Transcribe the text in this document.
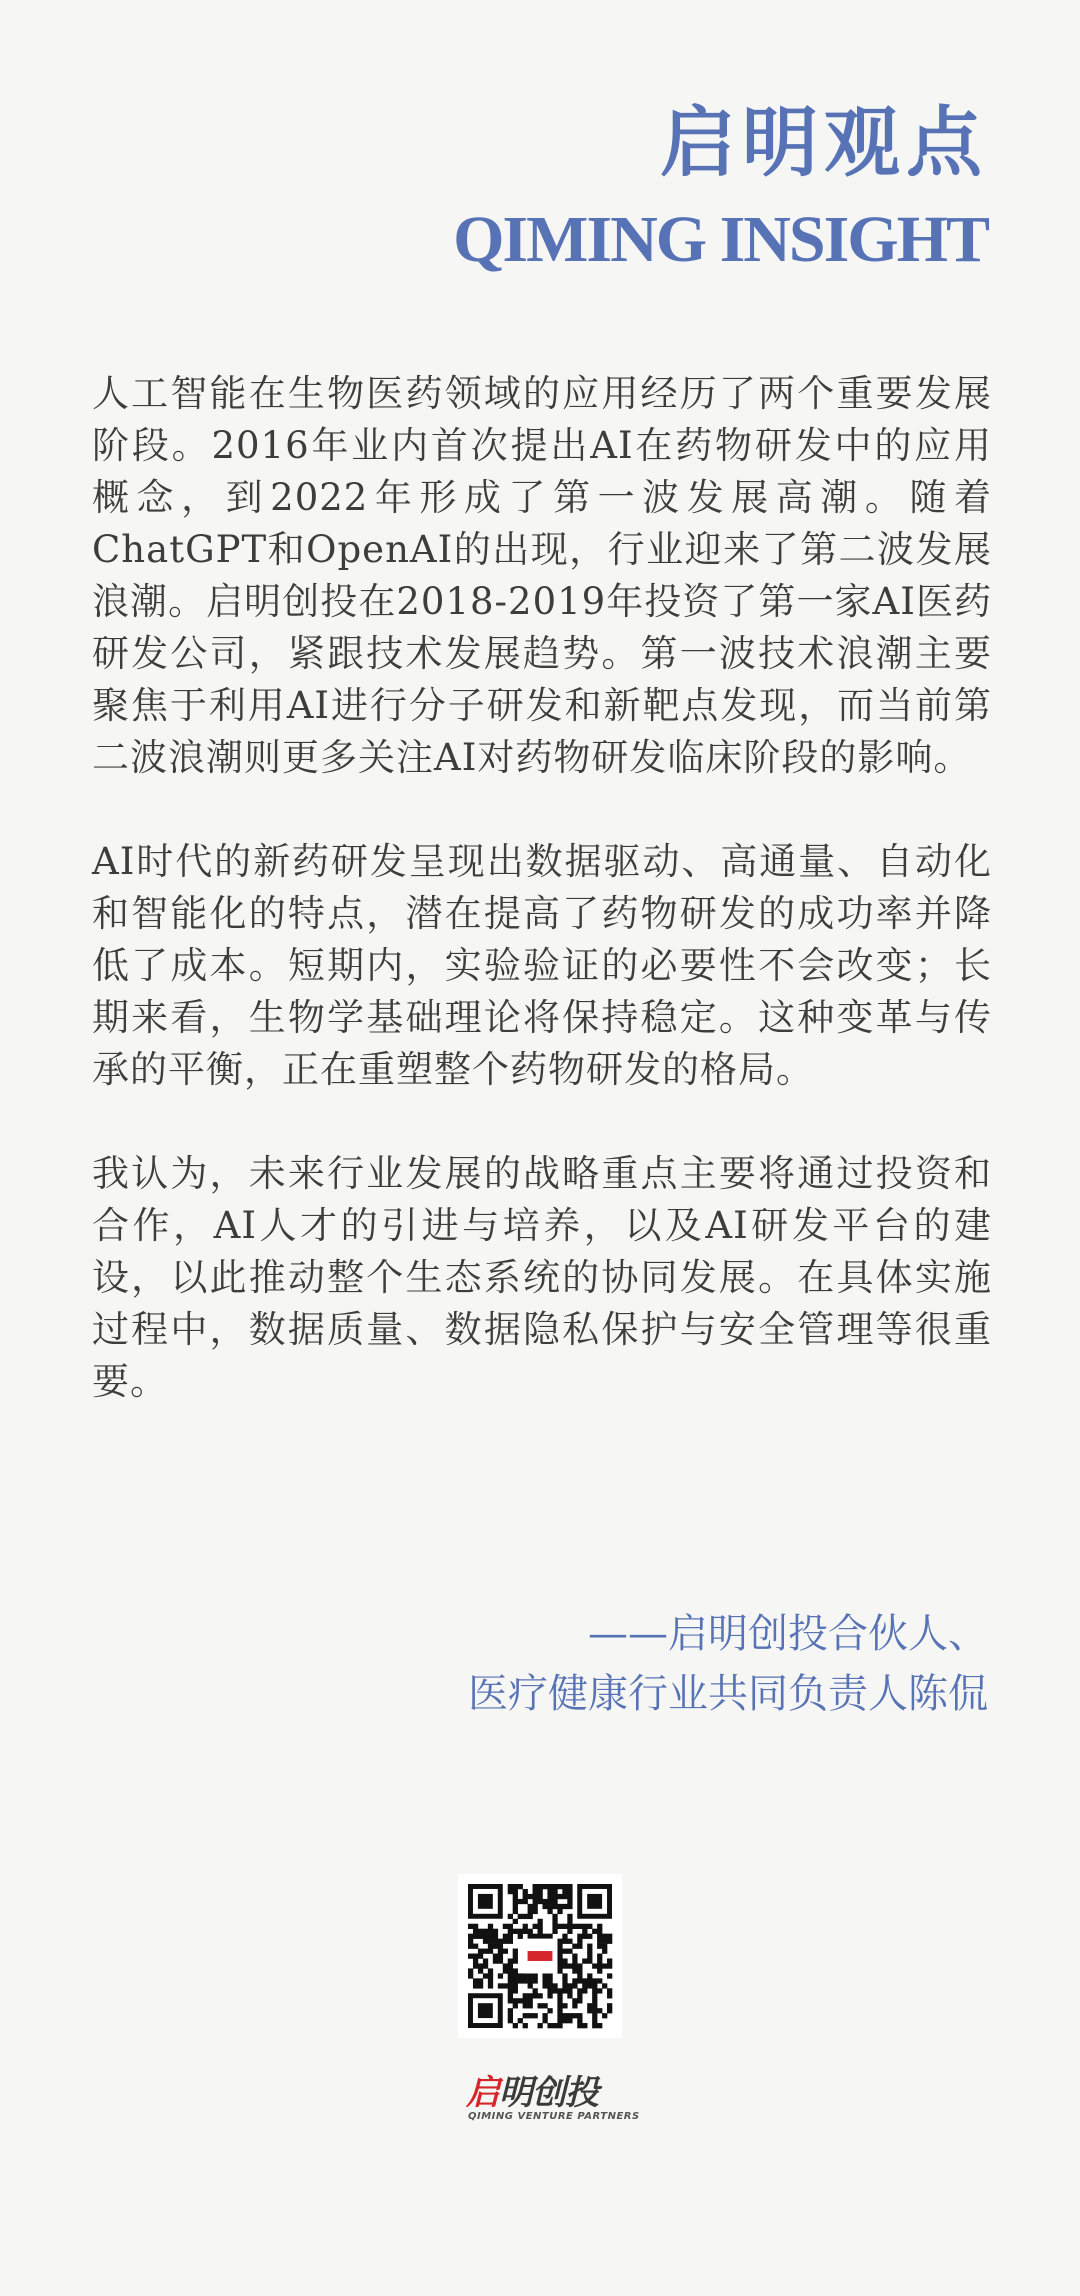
启明观点
QIMING INSIGHT

人工智能在生物医药领域的应用经历了两个重要发展阶段。2016年业内首次提出AI在药物研发中的应用概念，到2022年形成了第一波发展高潮。随着ChatGPT和OpenAI的出现，行业迎来了第二波发展浪潮。启明创投在2018-2019年投资了第一家AI医药研发公司，紧跟技术发展趋势。第一波技术浪潮主要聚焦于利用AI进行分子研发和新靶点发现，而当前第二波浪潮则更多关注AI对药物研发临床阶段的影响。

AI时代的新药研发呈现出数据驱动、高通量、自动化和智能化的特点，潜在提高了药物研发的成功率并降低了成本。短期内，实验验证的必要性不会改变；长期来看，生物学基础理论将保持稳定。这种变革与传承的平衡，正在重塑整个药物研发的格局。

我认为，未来行业发展的战略重点主要将通过投资和合作，AI人才的引进与培养，以及AI研发平台的建设，以此推动整个生态系统的协同发展。在具体实施过程中，数据质量、数据隐私保护与安全管理等很重要。

——启明创投合伙人、
医疗健康行业共同负责人陈侃
启明创投
QIMING VENTURE PARTNERS
